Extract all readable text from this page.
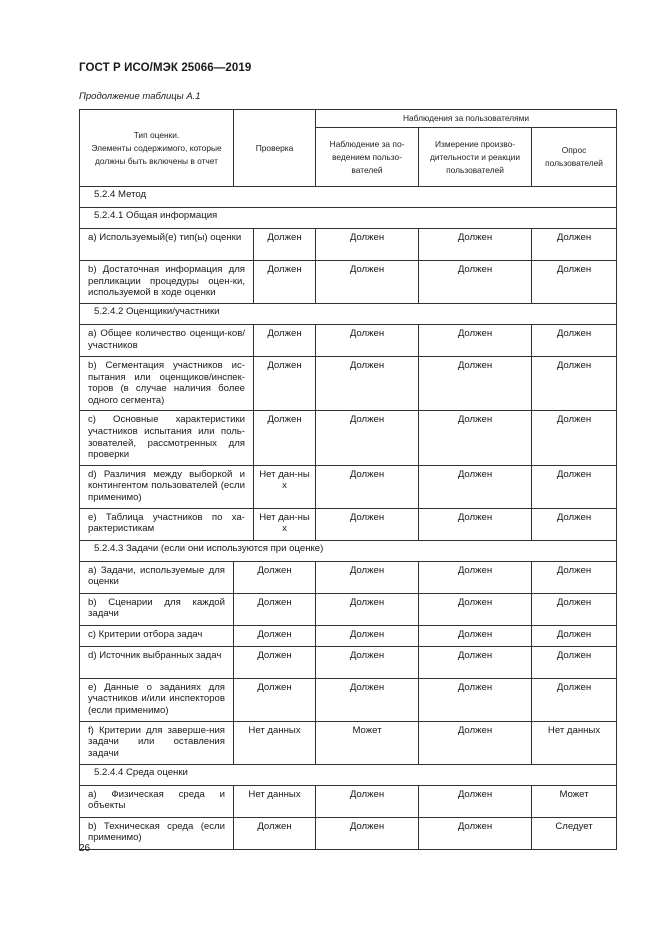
ГОСТ Р ИСО/МЭК 25066—2019
Продолжение таблицы А.1
Тип оценки.
Элементы содержимого, которые
должны быть включены в отчет	Проверка		Наблюдения за пользователями		
			Наблюдение за по-
ведением пользо-
вателей	Измерение произво-
дительности и реакции
пользователей	Опрос
пользователей
5.2.4 Метод					
5.2.4.1 Общая информация					
a) Используемый(е) тип(ы) оценки		Должен	Должен	Должен	Должен
b) Достаточная информация для репликации процедуры оцен-ки, используемой в ходе оценки		Должен	Должен	Должен	Должен
5.2.4.2 Оценщики/участники					
a) Общее количество оценщи-ков/ участников		Должен	Должен	Должен	Должен
b) Сегментация участников ис-пытания или оценщиков/инспек-торов (в случае наличия более одного сегмента)		Должен	Должен	Должен	Должен
c) Основные характеристики участников испытания или поль-зователей, рассмотренных для проверки		Должен	Должен	Должен	Должен
d) Различия между выборкой и контингентом пользователей (если применимо)		Нет дан-ных	Должен	Должен	Должен
e) Таблица участников по ха-рактеристикам		Нет дан-ных	Должен	Должен	Должен
5.2.4.3 Задачи (если они используются при оценке)					
a) Задачи, используемые для оценки	Должен		Должен	Должен	Должен
b) Сценарии для каждой задачи	Должен		Должен	Должен	Должен
c) Критерии отбора задач	Должен		Должен	Должен	Должен
d) Источник выбранных задач	Должен		Должен	Должен	Должен
e) Данные о заданиях для участников и/или инспекторов (если применимо)	Должен		Должен	Должен	Должен
f) Критерии для заверше-ния задачи или оставления задачи	Нет данных		Может	Должен	Нет данных
5.2.4.4 Среда оценки					
a) Физическая среда и объекты	Нет данных		Должен	Должен	Может
b) Техническая среда (если применимо)	Должен		Должен	Должен	Следует
26
